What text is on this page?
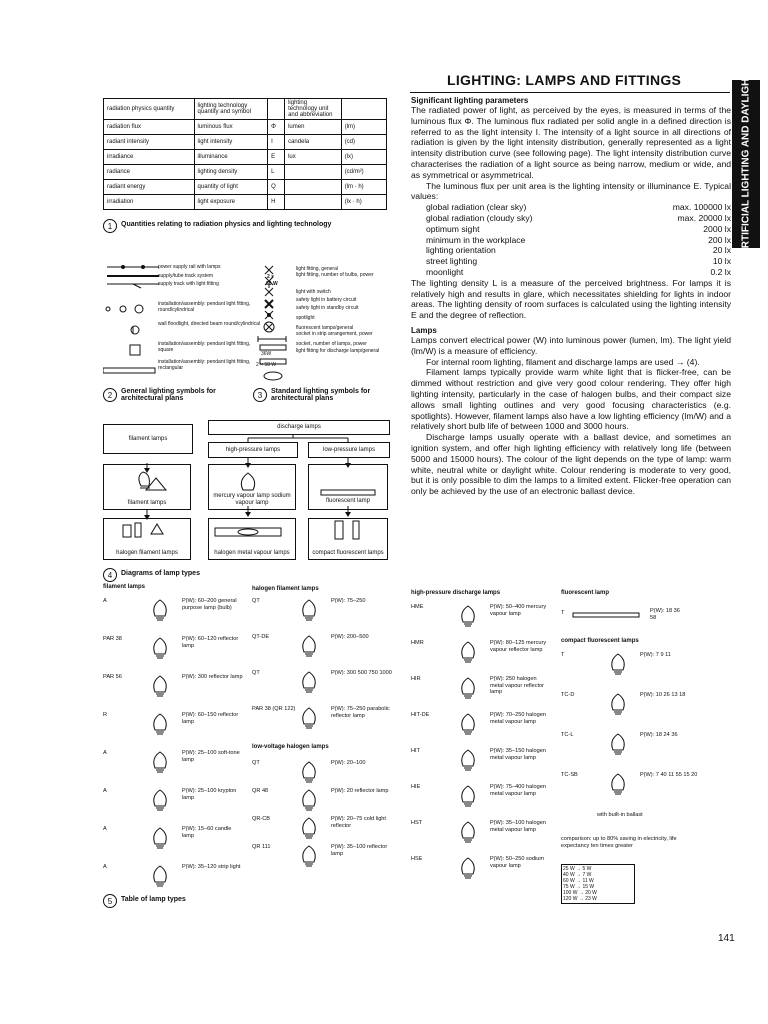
LIGHTING: LAMPS AND FITTINGS	ARTIFICIAL LIGHTING AND DAYLIGHT
radiation physics quantity	lighting technology quantity and symbol		lighting technology unit and abbreviation	
radiation flux	luminous flux	Φ	lumen	(lm)
radiant intensity	light intensity	I	candela	(cd)
irradiance	illuminance	E	lux	(lx)
radiance	lighting density	L		(cd/m²)
radiant energy	quantity of light	Q		(lm · h)
irradiation	light exposure	H		(lx · h)
1	Quantities relating to radiation physics and lighting technology
power supply rail with lamps
supply/tube track system
supply track with light fitting
installation/assembly: pendant light fitting, round/cylindrical
wall floodlight, directed beam round/cylindrical
installation/assembly: pendant light fitting, square
installation/assembly: pendant light fitting, rectangular
2 ×
60 W
36W
2 × 58 W
light fitting, general
light fitting, number of bulbs, power
light with switch
safety light in battery circuit
safety light in standby circuit
spotlight
fluorescent lamps/general
socket in strip arrangement, power
socket, number of lamps, power
light fitting for discharge lamp/general
2	General lighting symbols for architectural plans	3	Standard lighting symbols for architectural plans
filament lamps
discharge lamps
high-pressure lamps	low-pressure lamps
filament lamps
mercury vapour lamp sodium vapour lamp	fluorescent lamp
halogen filament lamps	halogen metal vapour lamps	compact fluorescent lamps
4	Diagrams of lamp types
filament lamps
A	P(W): 60–200 general purpose lamp (bulb)
PAR 38	P(W): 60–120 reflector lamp
PAR 56	P(W): 300 reflector lamp
R	P(W): 60–150 reflector lamp
A	P(W): 25–100 soft-tone lamp
A	P(W): 25–100 krypton lamp
A	P(W): 15–60 candle lamp
A	P(W): 35–120 strip light
halogen filament lamps
QT	P(W): 75–250
QT-DE	P(W): 200–500
QT	P(W): 300 500 750 1000
PAR 38 (QR 122)	P(W): 75–250 parabolic reflector lamp
low-voltage halogen lamps
QT	P(W): 20–100
QR 48	P(W): 20 reflector lamp
QR-CB	P(W): 20–75 cold light reflector
QR 111	P(W): 35–100 reflector lamp
high-pressure discharge lamps
HME	P(W): 50–400 mercury vapour lamp
HMR	P(W): 80–125 mercury vapour reflector lamp
HIR	P(W): 250 halogen metal vapour reflector lamp
HIT-DE	P(W): 70–250 halogen metal vapour lamp
HIT	P(W): 35–150 halogen metal vapour lamp
HIE	P(W): 75–400 halogen metal vapour lamp
HST	P(W): 35–100 halogen metal vapour lamp
HSE	P(W): 50–250 sodium vapour lamp
fluorescent lamp
T	P(W): 18 36 58
compact fluorescent lamps
T	P(W): 7 9 11
TC-D	P(W): 10 26 13 18
TC-L	P(W): 18 24 36
TC-SB	P(W): 7 40 11 55 15 20
with built-in ballast
comparison: up to 80% saving in electricity, life expectancy ten times greater
25 W → 5 W
40 W → 7 W
60 W → 11 W
75 W → 15 W
100 W → 20 W
120 W → 23 W
5	Table of lamp types
Significant lighting parameters
The radiated power of light, as perceived by the eyes, is measured in terms of the luminous flux Φ. The luminous flux radiated per solid angle in a defined direction is referred to as the light intensity I. The intensity of a light source in all directions of radiation is given by the light intensity distribution, generally represented as a light intensity distribution curve (see following page). The light intensity distribution curve characterises the radiation of a light source as being narrow, medium or wide, and as symmetrical or asymmetrical.
The luminous flux per unit area is the lighting intensity or illuminance E. Typical values:
global radiation (clear sky)	max. 100000 lx
global radiation (cloudy sky)	max. 20000 lx
optimum sight	2000 lx
minimum in the workplace	200 lx
lighting orientation	20 lx
street lighting	10 lx
moonlight	0.2 lx
The lighting density L is a measure of the perceived brightness. For lamps it is relatively high and results in glare, which necessitates shielding for lights in indoor areas. The lighting density of room surfaces is calculated using the lighting intensity E and the degree of reflection.
Lamps
Lamps convert electrical power (W) into luminous power (lumen, lm). The light yield (lm/W) is a measure of efficiency.
For internal room lighting, filament and discharge lamps are used → (4).
Filament lamps typically provide warm white light that is flicker-free, can be dimmed without restriction and give very good colour rendering. They offer high lighting intensity, particularly in the case of halogen bulbs, and their compact size allows small lighting outlines and very good focusing characteristics (e.g. spotlights). However, filament lamps also have a low lighting efficiency (lm/W) and a relatively short bulb life of between 1000 and 3000 hours.
Discharge lamps usually operate with a ballast device, and sometimes an ignition system, and offer high lighting efficiency with relatively long life (between 5000 and 15000 hours). The colour of the light depends on the type of lamp: warm white, neutral white or daylight white. Colour rendering is moderate to very good, but it is only possible to dim the lamps to a limited extent. Flicker-free operation can only be achieved by the use of an electronic ballast device.
141
